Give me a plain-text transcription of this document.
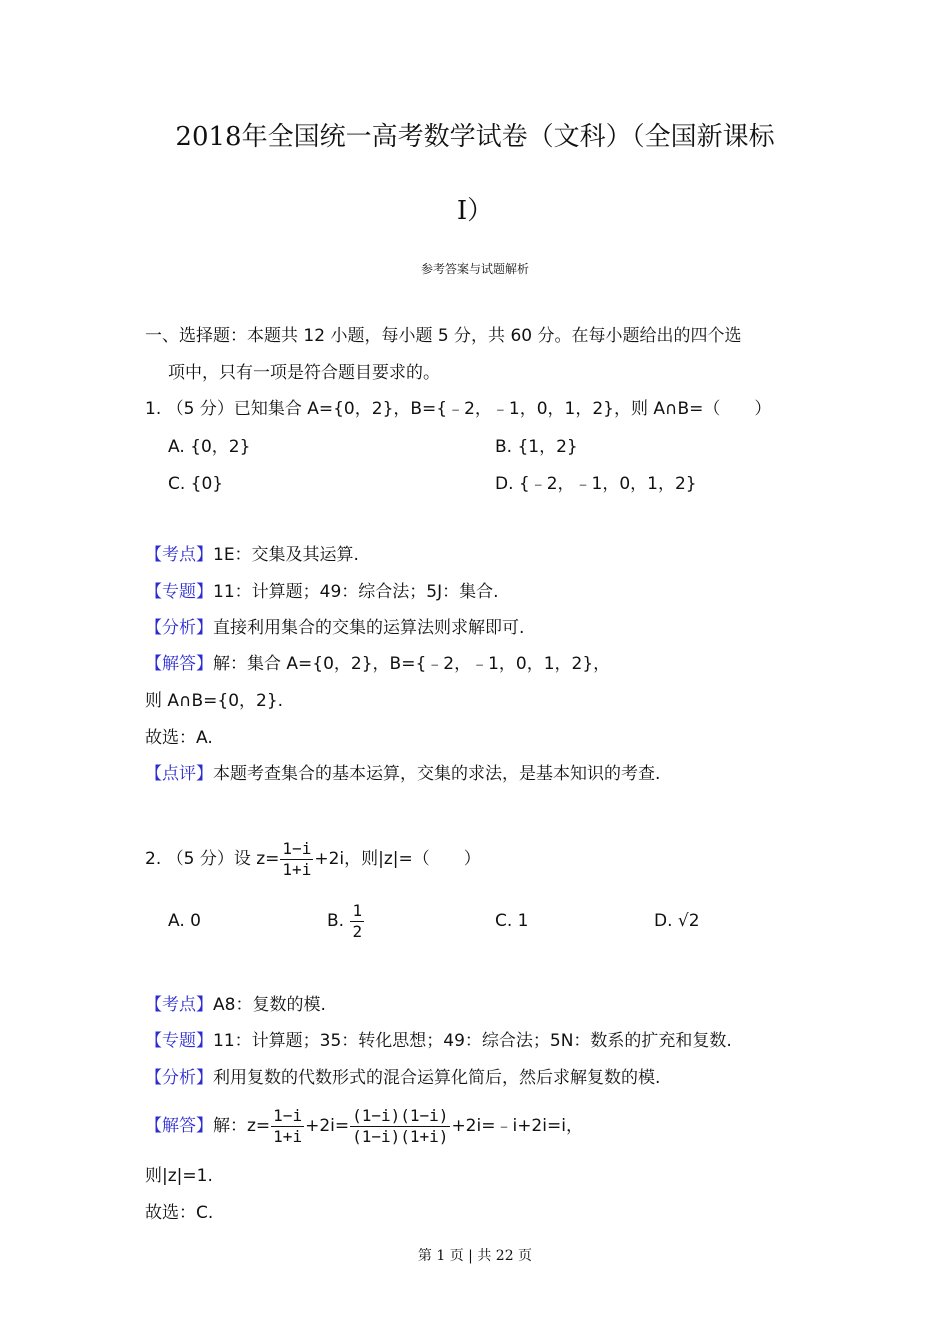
2018年全国统一高考数学试卷（文科）（全国新课标
Ⅰ）
参考答案与试题解析
一、选择题：本题共 12 小题，每小题 5 分，共 60 分。在每小题给出的四个选
项中，只有一项是符合题目要求的。
1. （5 分）已知集合 A={0，2}，B={﹣2，﹣1，0，1，2}，则 A∩B=（　　）
A. {0，2}	B. {1，2}
C. {0}	D. {﹣2，﹣1，0，1，2}
【考点】1E：交集及其运算.
【专题】11：计算题；49：综合法；5J：集合.
【分析】直接利用集合的交集的运算法则求解即可.
【解答】解：集合 A={0，2}，B={﹣2，﹣1，0，1，2}，
则 A∩B={0，2}.
故选：A.
【点评】本题考查集合的基本运算，交集的求法，是基本知识的考查.
2. （5 分）设 $z= \frac{1-i}{1+i} +2i$，则|z|=（　　）
A. 0	B. $\frac{1}{2}$	C. 1	D. √2
【考点】A8：复数的模.
【专题】11：计算题；35：转化思想；49：综合法；5N：数系的扩充和复数.
【分析】利用复数的代数形式的混合运算化简后，然后求解复数的模.
【解答】解：$z= \frac{1-i}{1+i} +2i= \frac{(1-i)(1-i)}{(1-i)(1+i)}$ +2i=﹣i+2i=i，
则|z|=1.
故选：C.
第 1 页 | 共 22 页
